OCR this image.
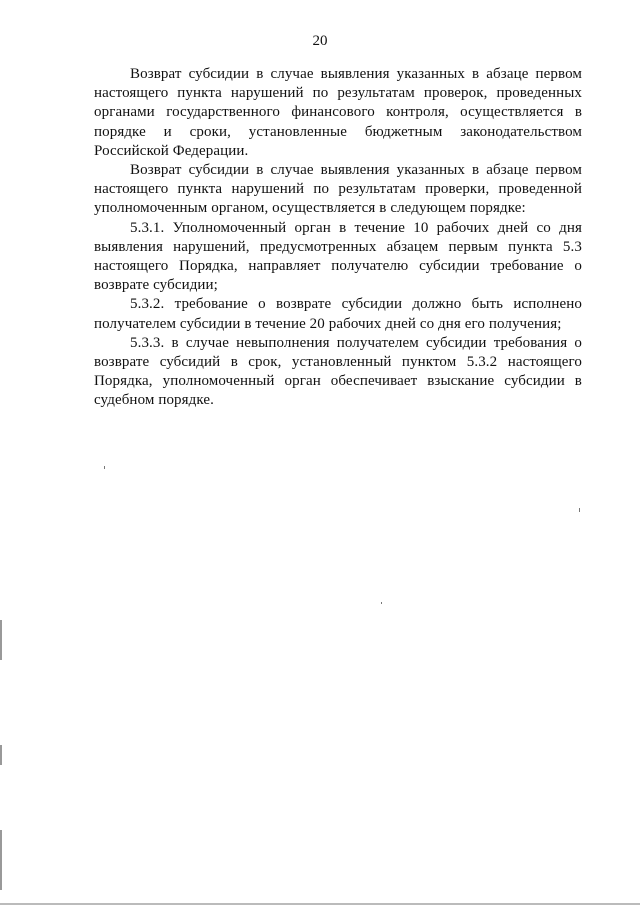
20

Возврат субсидии в случае выявления указанных в абзаце первом настоящего пункта нарушений по результатам проверок, проведенных органами государственного финансового контроля, осуществляется в порядке и сроки, установленные бюджетным законодательством Российской Федерации.

Возврат субсидии в случае выявления указанных в абзаце первом настоящего пункта нарушений по результатам проверки, проведенной уполномоченным органом, осуществляется в следующем порядке:

5.3.1. Уполномоченный орган в течение 10 рабочих дней со дня выявления нарушений, предусмотренных абзацем первым пункта 5.3 настоящего Порядка, направляет получателю субсидии требование о возврате субсидии;

5.3.2. требование о возврате субсидии должно быть исполнено получателем субсидии в течение 20 рабочих дней со дня его получения;

5.3.3. в случае невыполнения получателем субсидии требования о возврате субсидий в срок, установленный пунктом 5.3.2 настоящего Порядка, уполномоченный орган обеспечивает взыскание субсидии в судебном порядке.
